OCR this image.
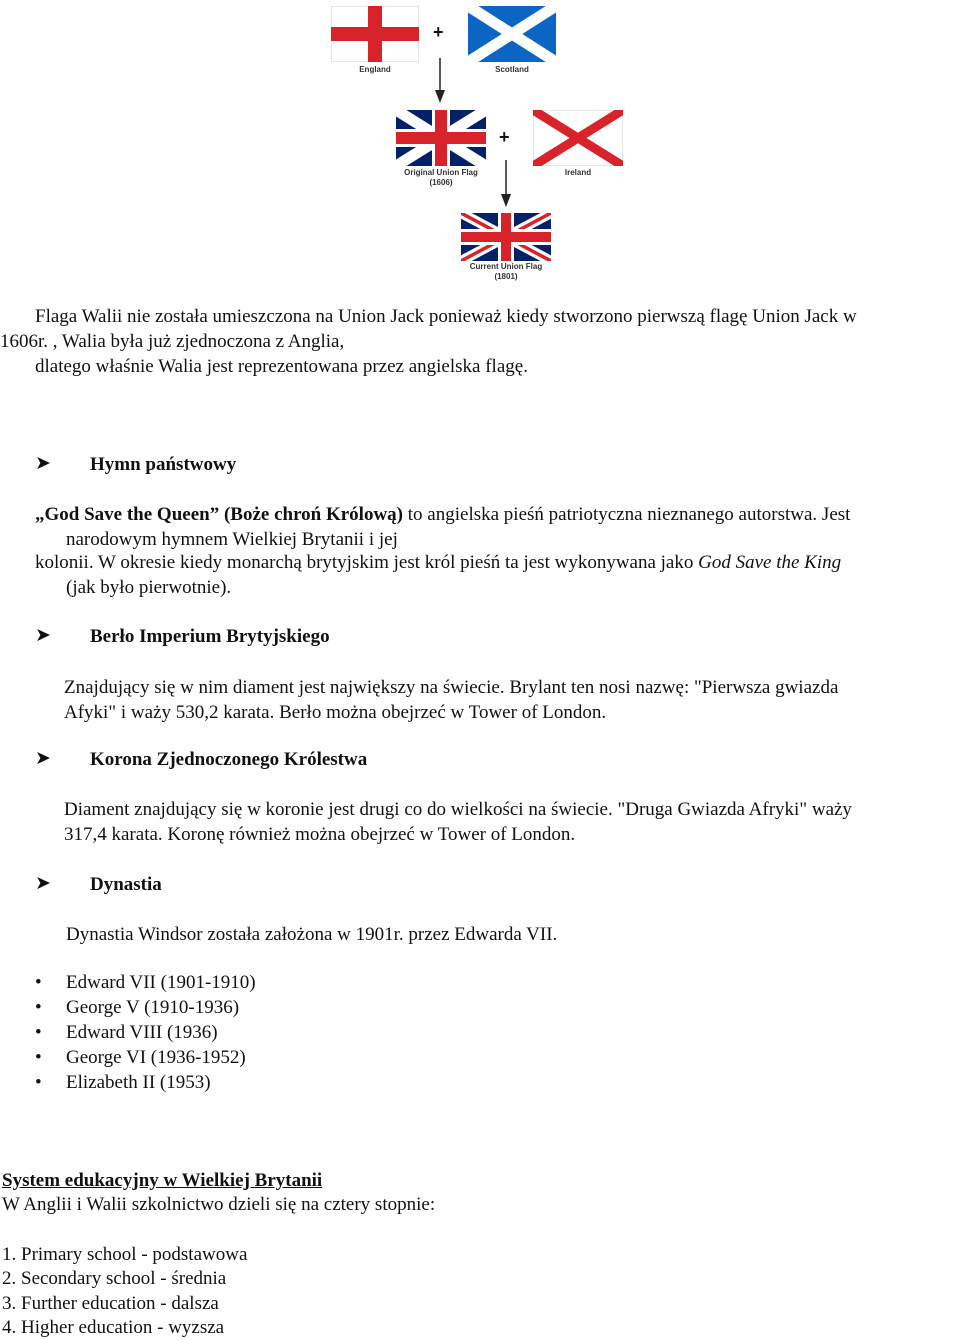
England
+
Scotland
Original Union Flag
(1606)
+
Ireland
Current Union Flag
(1801)
Flaga Walii nie została umieszczona na Union Jack ponieważ kiedy stworzono pierwszą flagę Union Jack w
1606r. , Walia była już zjednoczona z Anglia,
dlatego właśnie Walia jest reprezentowana przez angielska flagę.
➤ Hymn państwowy
„God Save the Queen” (Boże chroń Królową) to angielska pieśń patriotyczna nieznanego autorstwa. Jest
narodowym hymnem Wielkiej Brytanii i jej
kolonii. W okresie kiedy monarchą brytyjskim jest król pieśń ta jest wykonywana jako God Save the King
(jak było pierwotnie).
➤ Berło Imperium Brytyjskiego
Znajdujący się w nim diament jest największy na świecie. Brylant ten nosi nazwę: "Pierwsza gwiazda
Afyki" i waży 530,2 karata. Berło można obejrzeć w Tower of London.
➤ Korona Zjednoczonego Królestwa
Diament znajdujący się w koronie jest drugi co do wielkości na świecie. "Druga Gwiazda Afryki" waży
317,4 karata. Koronę również można obejrzeć w Tower of London.
➤ Dynastia
Dynastia Windsor została założona w 1901r. przez Edwarda VII.
• Edward VII (1901-1910)
• George V (1910-1936)
• Edward VIII (1936)
• George VI (1936-1952)
• Elizabeth II (1953)
System edukacyjny w Wielkiej Brytanii
W Anglii i Walii szkolnictwo dzieli się na cztery stopnie:
1. Primary school - podstawowa
2. Secondary school - średnia
3. Further education - dalsza
4. Higher education - wyzsza
